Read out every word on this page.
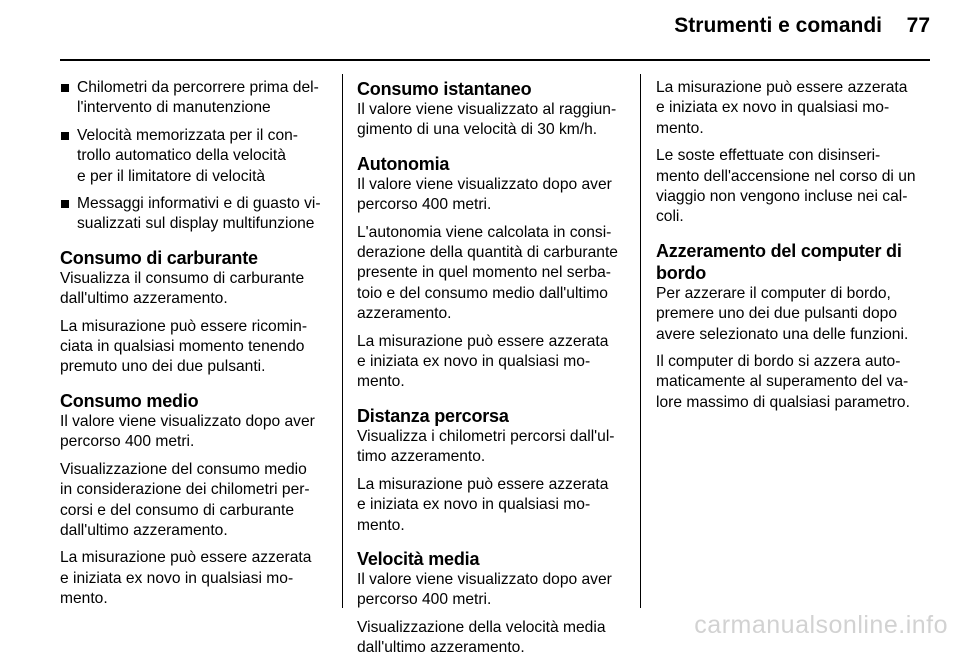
Strumenti e comandi 77
Chilometri da percorrere prima del-
l'intervento di manutenzione
Velocità memorizzata per il con-
trollo automatico della velocità
e per il limitatore di velocità
Messaggi informativi e di guasto vi-
sualizzati sul display multifunzione
Consumo di carburante
Visualizza il consumo di carburante
dall'ultimo azzeramento.
La misurazione può essere ricomin-
ciata in qualsiasi momento tenendo
premuto uno dei due pulsanti.
Consumo medio
Il valore viene visualizzato dopo aver
percorso 400 metri.
Visualizzazione del consumo medio
in considerazione dei chilometri per-
corsi e del consumo di carburante
dall'ultimo azzeramento.
La misurazione può essere azzerata
e iniziata ex novo in qualsiasi mo-
mento.
Consumo istantaneo
Il valore viene visualizzato al raggiun-
gimento di una velocità di 30 km/h.
Autonomia
Il valore viene visualizzato dopo aver
percorso 400 metri.
L'autonomia viene calcolata in consi-
derazione della quantità di carburante
presente in quel momento nel serba-
toio e del consumo medio dall'ultimo
azzeramento.
La misurazione può essere azzerata
e iniziata ex novo in qualsiasi mo-
mento.
Distanza percorsa
Visualizza i chilometri percorsi dall'ul-
timo azzeramento.
La misurazione può essere azzerata
e iniziata ex novo in qualsiasi mo-
mento.
Velocità media
Il valore viene visualizzato dopo aver
percorso 400 metri.
Visualizzazione della velocità media
dall'ultimo azzeramento.
La misurazione può essere azzerata
e iniziata ex novo in qualsiasi mo-
mento.
Le soste effettuate con disinseri-
mento dell'accensione nel corso di un
viaggio non vengono incluse nei cal-
coli.
Azzeramento del computer di
bordo
Per azzerare il computer di bordo,
premere uno dei due pulsanti dopo
avere selezionato una delle funzioni.
Il computer di bordo si azzera auto-
maticamente al superamento del va-
lore massimo di qualsiasi parametro.
carmanualsonline.info
